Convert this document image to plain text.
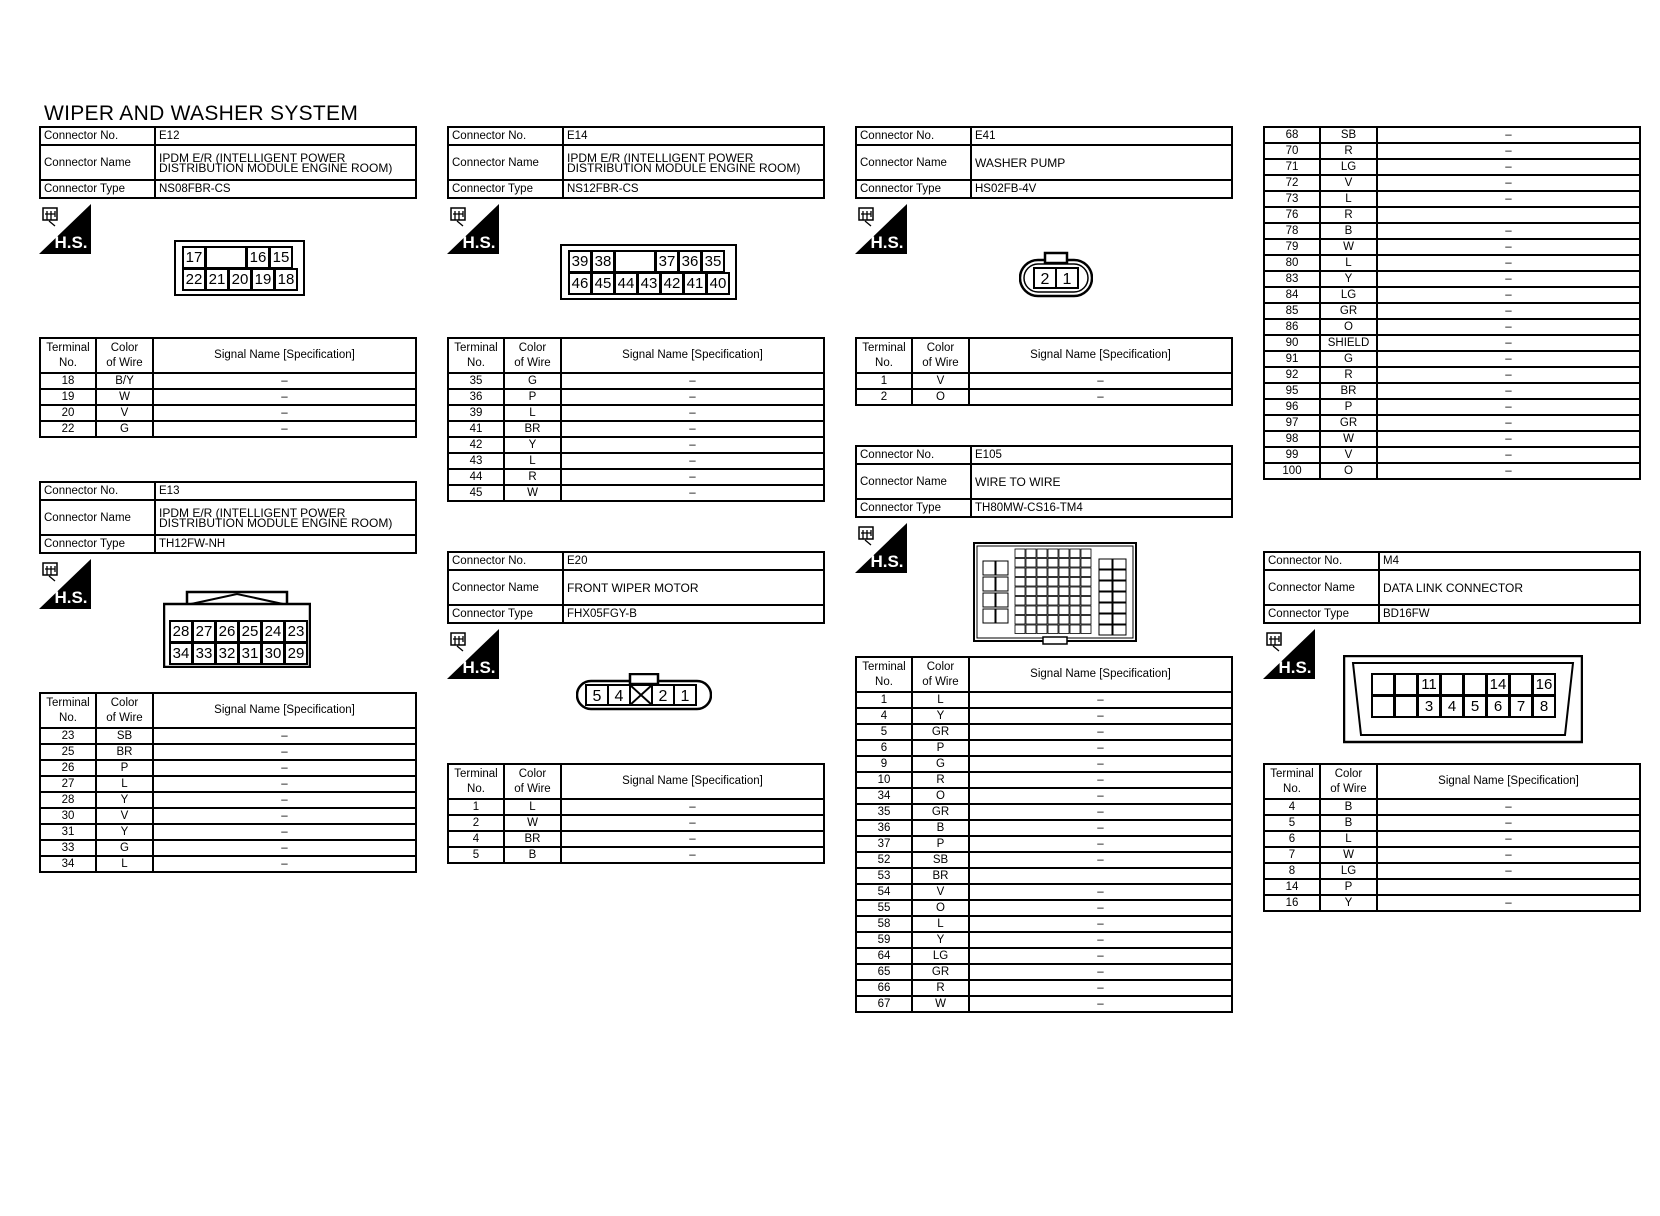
WIPER AND WASHER SYSTEM
Connector No.	E12
Connector Name	IPDM E/R (INTELLIGENT POWER DISTRIBUTION MODULE ENGINE ROOM)
Connector Type	NS08FBR-CS
H.S.
17	16 15
22 21 20 19 18
Terminal
No.	Color
of Wire	Signal Name [Specification]
18	B/Y	–
19	W	–
20	V	–
22	G	–
Connector No.	E13
Connector Name	IPDM E/R (INTELLIGENT POWER DISTRIBUTION MODULE ENGINE ROOM)
Connector Type	TH12FW-NH
H.S.
28 27 26 25 24 23
34 33 32 31 30 29
Terminal
No.	Color
of Wire	Signal Name [Specification]
23	SB	–
25	BR	–
26	P	–
27	L	–
28	Y	–
30	V	–
31	Y	–
33	G	–
34	L	–
Connector No.	E14
Connector Name	IPDM E/R (INTELLIGENT POWER DISTRIBUTION MODULE ENGINE ROOM)
Connector Type	NS12FBR-CS
H.S.
39 38	37 36 35
46 45 44 43 42 41 40
Terminal
No.	Color
of Wire	Signal Name [Specification]
35	G	–
36	P	–
39	L	–
41	BR	–
42	Y	–
43	L	–
44	R	–
45	W	–
Connector No.	E20
Connector Name	FRONT WIPER MOTOR
Connector Type	FHX05FGY-B
H.S.
5 4 2 1
Terminal
No.	Color
of Wire	Signal Name [Specification]
1	L	–
2	W	–
4	BR	–
5	B	–
Connector No.	E41
Connector Name	WASHER PUMP
Connector Type	HS02FB-4V
H.S.
2 1
Terminal
No.	Color
of Wire	Signal Name [Specification]
1	V	–
2	O	–
Connector No.	E105
Connector Name	WIRE TO WIRE
Connector Type	TH80MW-CS16-TM4
H.S.
Terminal
No.	Color
of Wire	Signal Name [Specification]
1	L	–
4	Y	–
5	GR	–
6	P	–
9	G	–
10	R	–
34	O	–
35	GR	–
36	B	–
37	P	–
52	SB	–
53	BR	
54	V	–
55	O	–
58	L	–
59	Y	–
64	LG	–
65	GR	–
66	R	–
67	W	–
68	SB	–
70	R	–
71	LG	–
72	V	–
73	L	–
76	R	
78	B	–
79	W	–
80	L	–
83	Y	–
84	LG	–
85	GR	–
86	O	–
90	SHIELD	–
91	G	–
92	R	–
95	BR	–
96	P	–
97	GR	–
98	W	–
99	V	–
100	O	–
Connector No.	M4
Connector Name	DATA LINK CONNECTOR
Connector Type	BD16FW
H.S.
11	14 16
3 4 5 6 7 8
Terminal
No.	Color
of Wire	Signal Name [Specification]
4	B	–
5	B	–
6	L	–
7	W	–
8	LG	–
14	P	
16	Y	–
